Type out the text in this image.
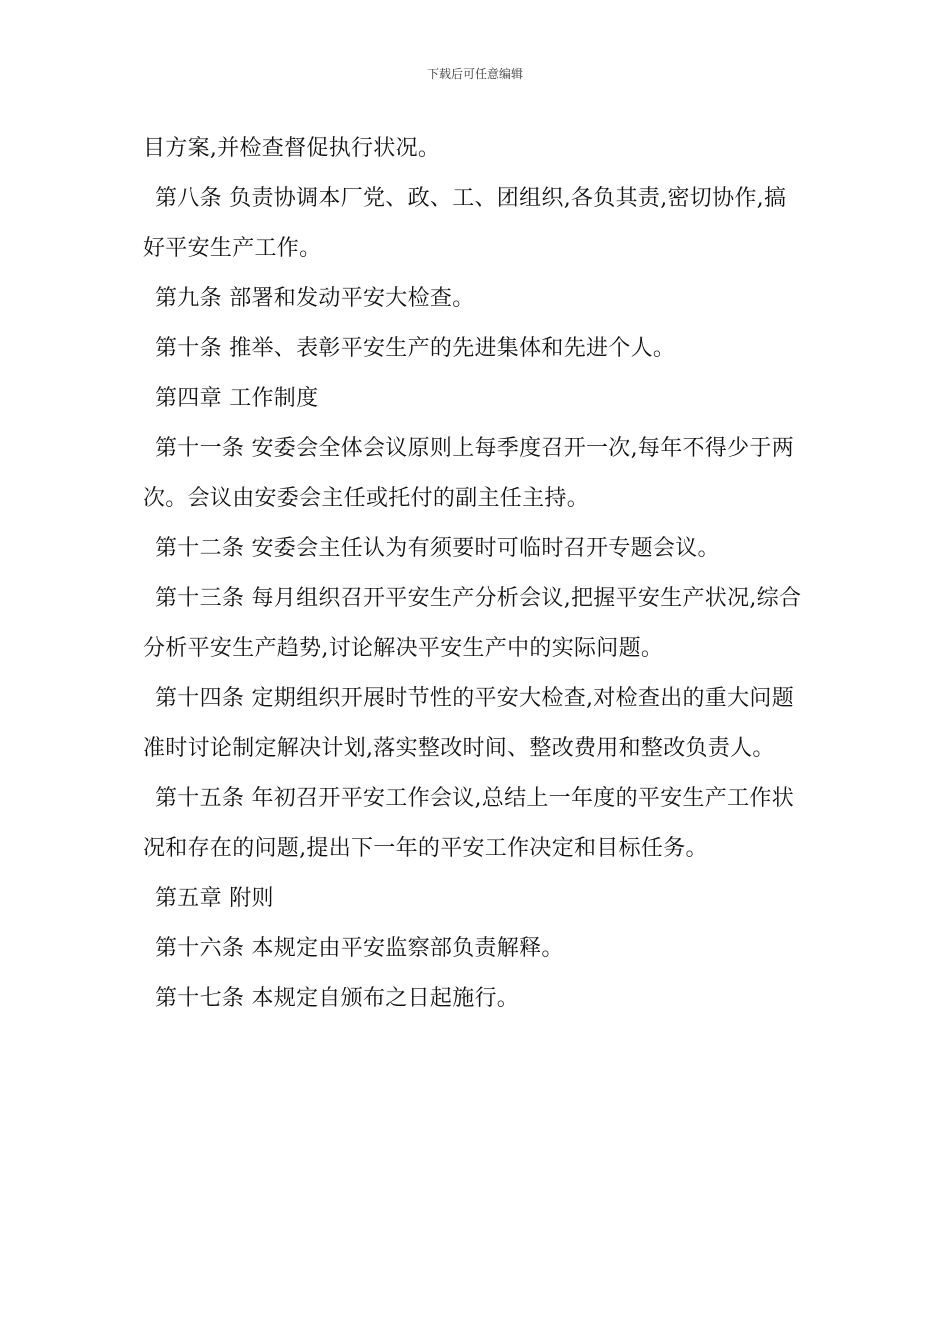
下载后可任意编辑
目方案,并检查督促执行状况。
第八条 负责协调本厂党、政、工、团组织,各负其责,密切协作,搞
好平安生产工作。
第九条 部署和发动平安大检查。
第十条 推举、表彰平安生产的先进集体和先进个人。
第四章 工作制度
第十一条 安委会全体会议原则上每季度召开一次,每年不得少于两
次。会议由安委会主任或托付的副主任主持。
第十二条 安委会主任认为有须要时可临时召开专题会议。
第十三条 每月组织召开平安生产分析会议,把握平安生产状况,综合
分析平安生产趋势,讨论解决平安生产中的实际问题。
第十四条 定期组织开展时节性的平安大检查,对检查出的重大问题
准时讨论制定解决计划,落实整改时间、整改费用和整改负责人。
第十五条 年初召开平安工作会议,总结上一年度的平安生产工作状
况和存在的问题,提出下一年的平安工作决定和目标任务。
第五章 附则
第十六条 本规定由平安监察部负责解释。
第十七条 本规定自颁布之日起施行。
